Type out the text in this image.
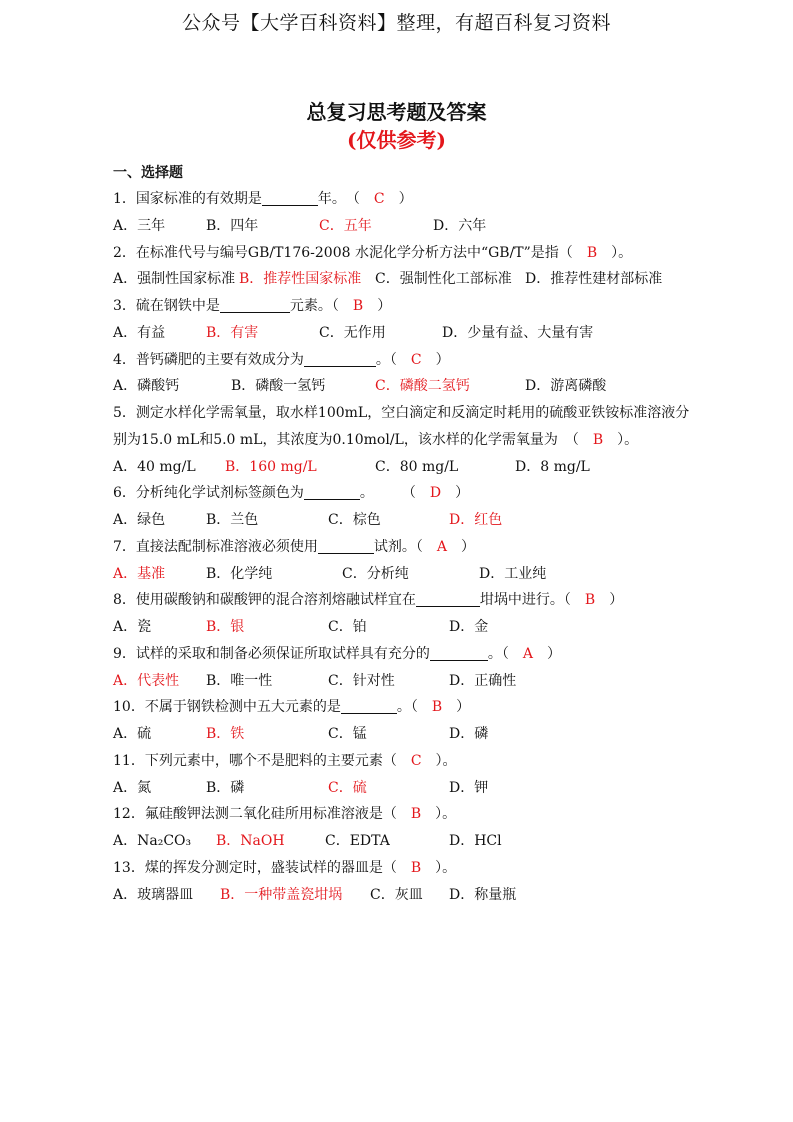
公众号【大学百科资料】整理，有超百科复习资料
总复习思考题及答案
(仅供参考)
一、选择题
1．国家标准的有效期是	年。　（　C　）
A．三年	B．四年	C．五年	D．六年
2．在标准代号与编号GB/T176-2008 水泥化学分析方法中“GB/T”是指（　B　）。
A．强制性国家标准 B．推荐性国家标准 C．强制性化工部标准 D．推荐性建材部标准
3．硫在钢铁中是	元素。（　B　）
A．有益	B．有害	C．无作用	D．少量有益、大量有害
4．普钙磷肥的主要有效成分为	。（　C　）
A．磷酸钙	B．磷酸一氢钙	C．磷酸二氢钙	D．游离磷酸
5．测定水样化学需氧量，取水样100mL，空白滴定和反滴定时耗用的硫酸亚铁铵标准溶液分
别为15.0 mL和5.0 mL，其浓度为0.10mol/L，该水样的化学需氧量为　（　B　）。
A．40 mg/L B．160 mg/L	C．80 mg/L	D．8 mg/L
6．分析纯化学试剂标签颜色为	。　　　（　D　）
A．绿色	B．兰色	C．棕色	D．红色
7．直接法配制标准溶液必须使用	试剂。（　A　）
A．基准	B．化学纯	C．分析纯	D．工业纯
8．使用碳酸钠和碳酸钾的混合溶剂熔融试样宜在	坩埚中进行。（　B　）
A．瓷	B．银	C．铂	D．金
9．试样的采取和制备必须保证所取试样具有充分的	。（　A　）
A．代表性 B．唯一性	C．针对性	D．正确性
10．不属于钢铁检测中五大元素的是	。（　B　）
A．硫	B．铁	C．锰	D．磷
11．下列元素中，哪个不是肥料的主要元素（　C　）。
A．氮	B．磷	C．硫	D．钾
12．氟硅酸钾法测二氧化硅所用标准溶液是（　B　）。
A．Na₂CO₃ B．NaOH	C．EDTA	D．HCl
13．煤的挥发分测定时，盛装试样的器皿是（　B　）。
A．玻璃器皿 B．一种带盖瓷坩埚 C．灰皿 D．称量瓶
